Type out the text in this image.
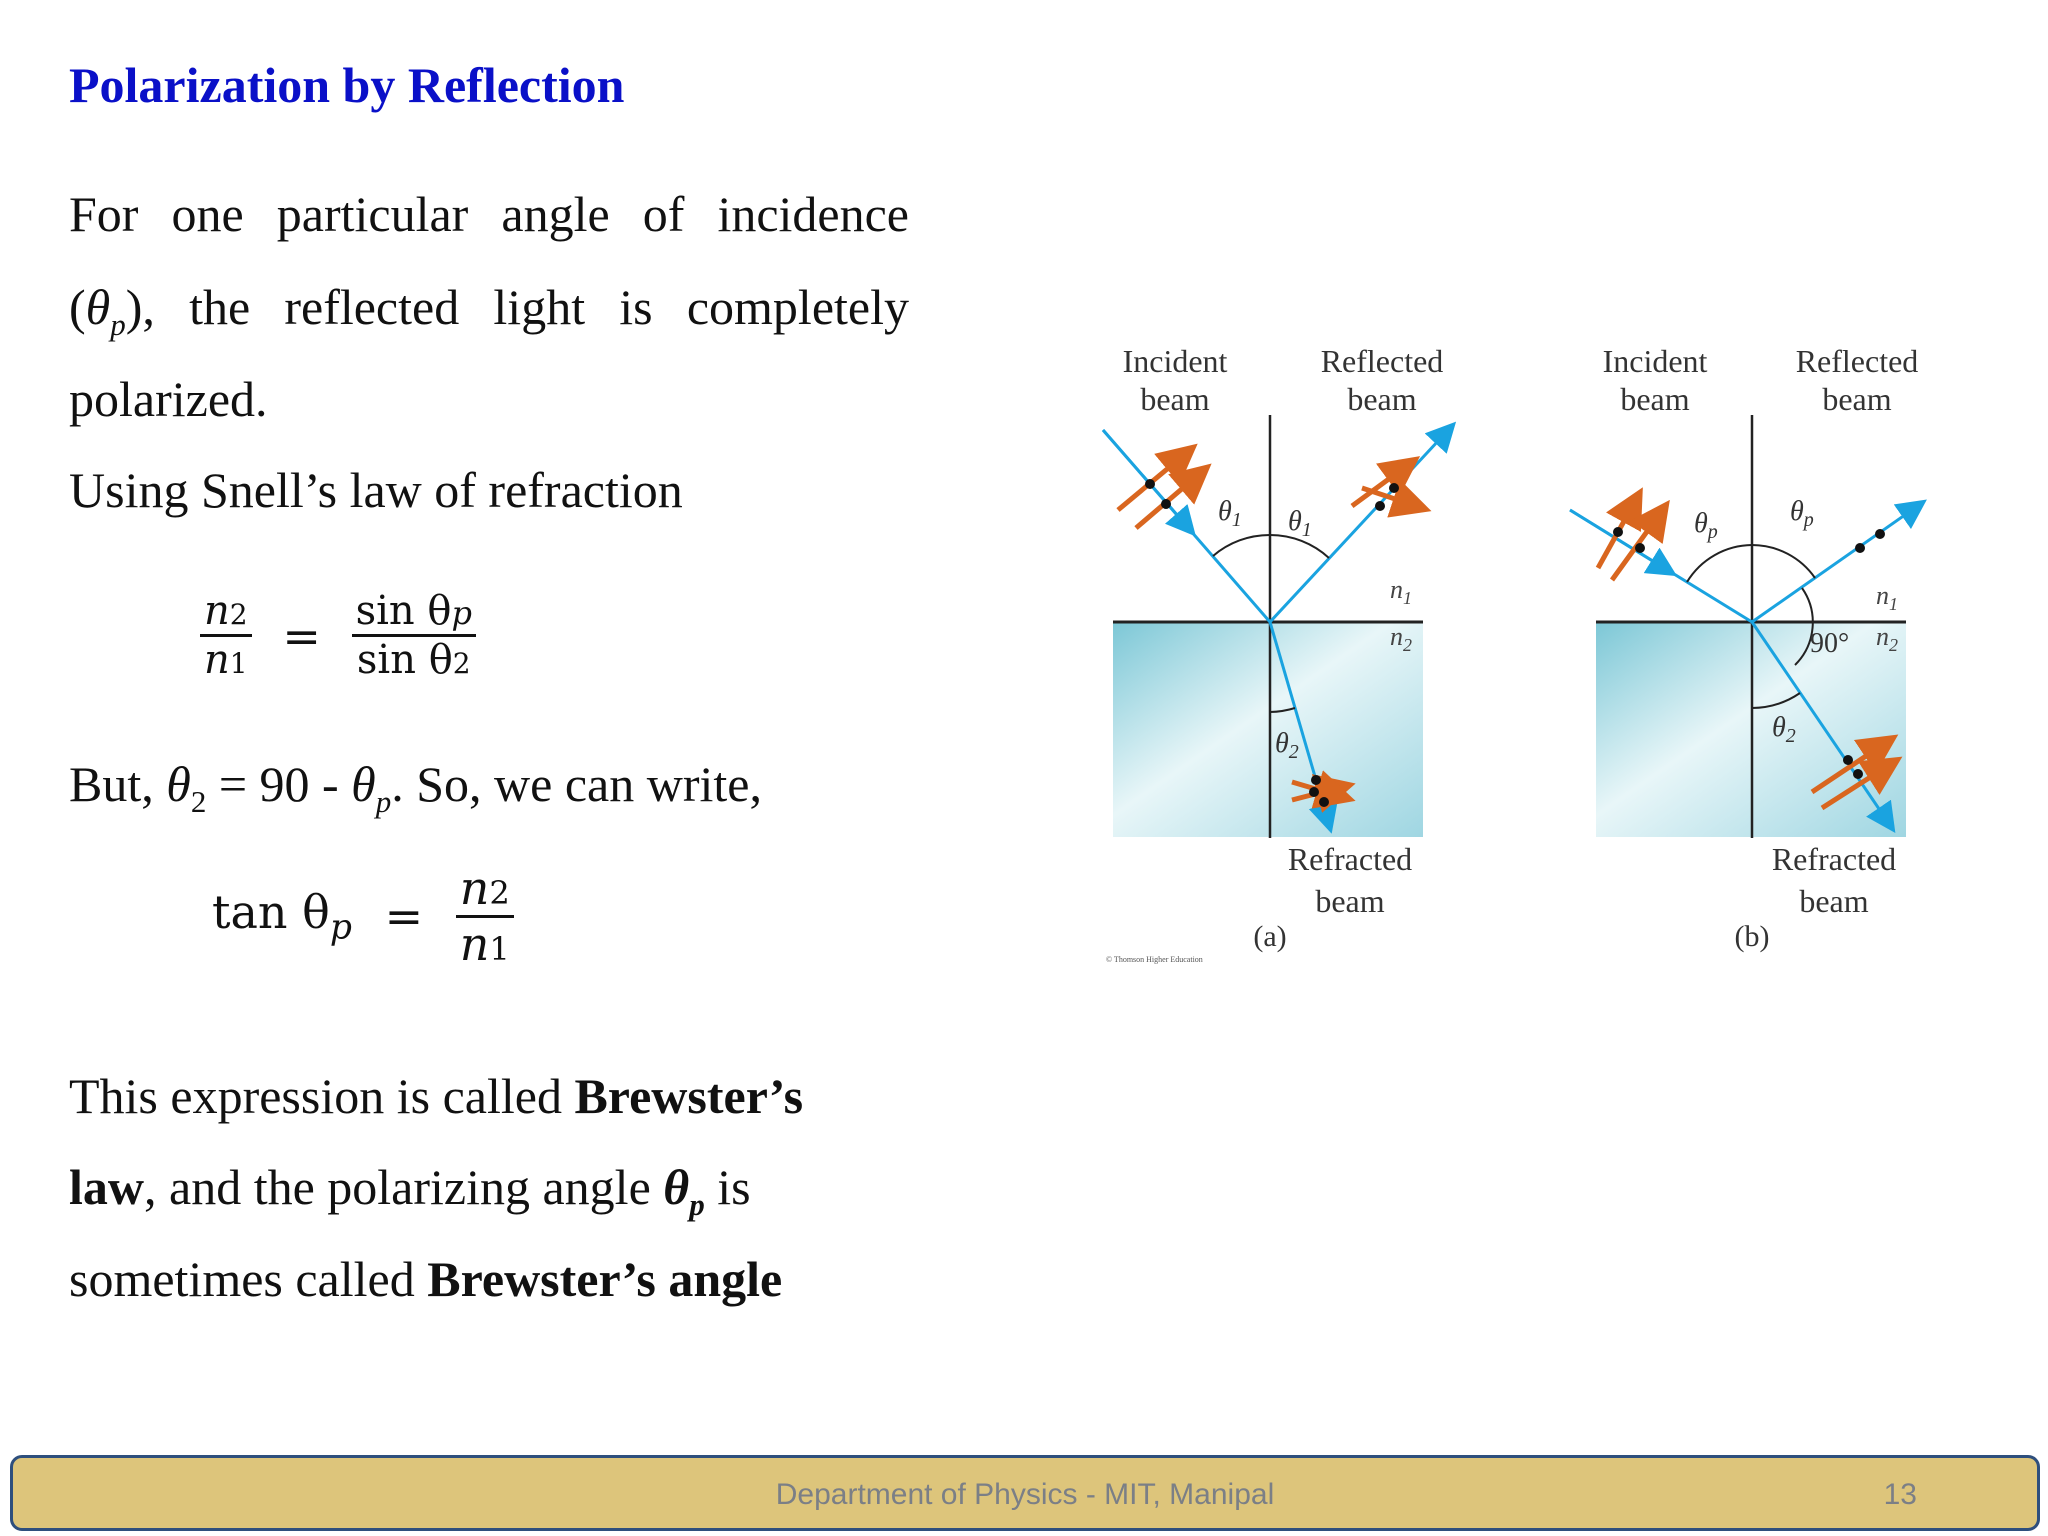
Polarization by Reflection
For one particular angle of incidence
$(\theta_p)$, the reflected light is completely
polarized.
Using Snell’s law of refraction
$\frac{n2}{n1} = \frac{\text{sin θp}}{\text{sin θ2}}$
But, $\theta_2 = 90 - \theta_p$. So, we can write,
$\tan \theta_p = \frac{n2}{n1}$
This expression is called Brewster’s
law, and the polarizing angle $\theta_p$ is
sometimes called Brewster’s angle
Incident
beam
Reflected
beam
Refracted
beam
$\theta_1$ $\theta_1$
$\theta_2$
$n_1$
$n_2$
(a)
© Thomson Higher Education
Incident
beam
Reflected
beam
Refracted
beam
$\theta_p$
$\theta_p$
$\theta_2$
90°
$n_1$
$n_2$
(b)
Department of Physics - MIT, Manipal	13
